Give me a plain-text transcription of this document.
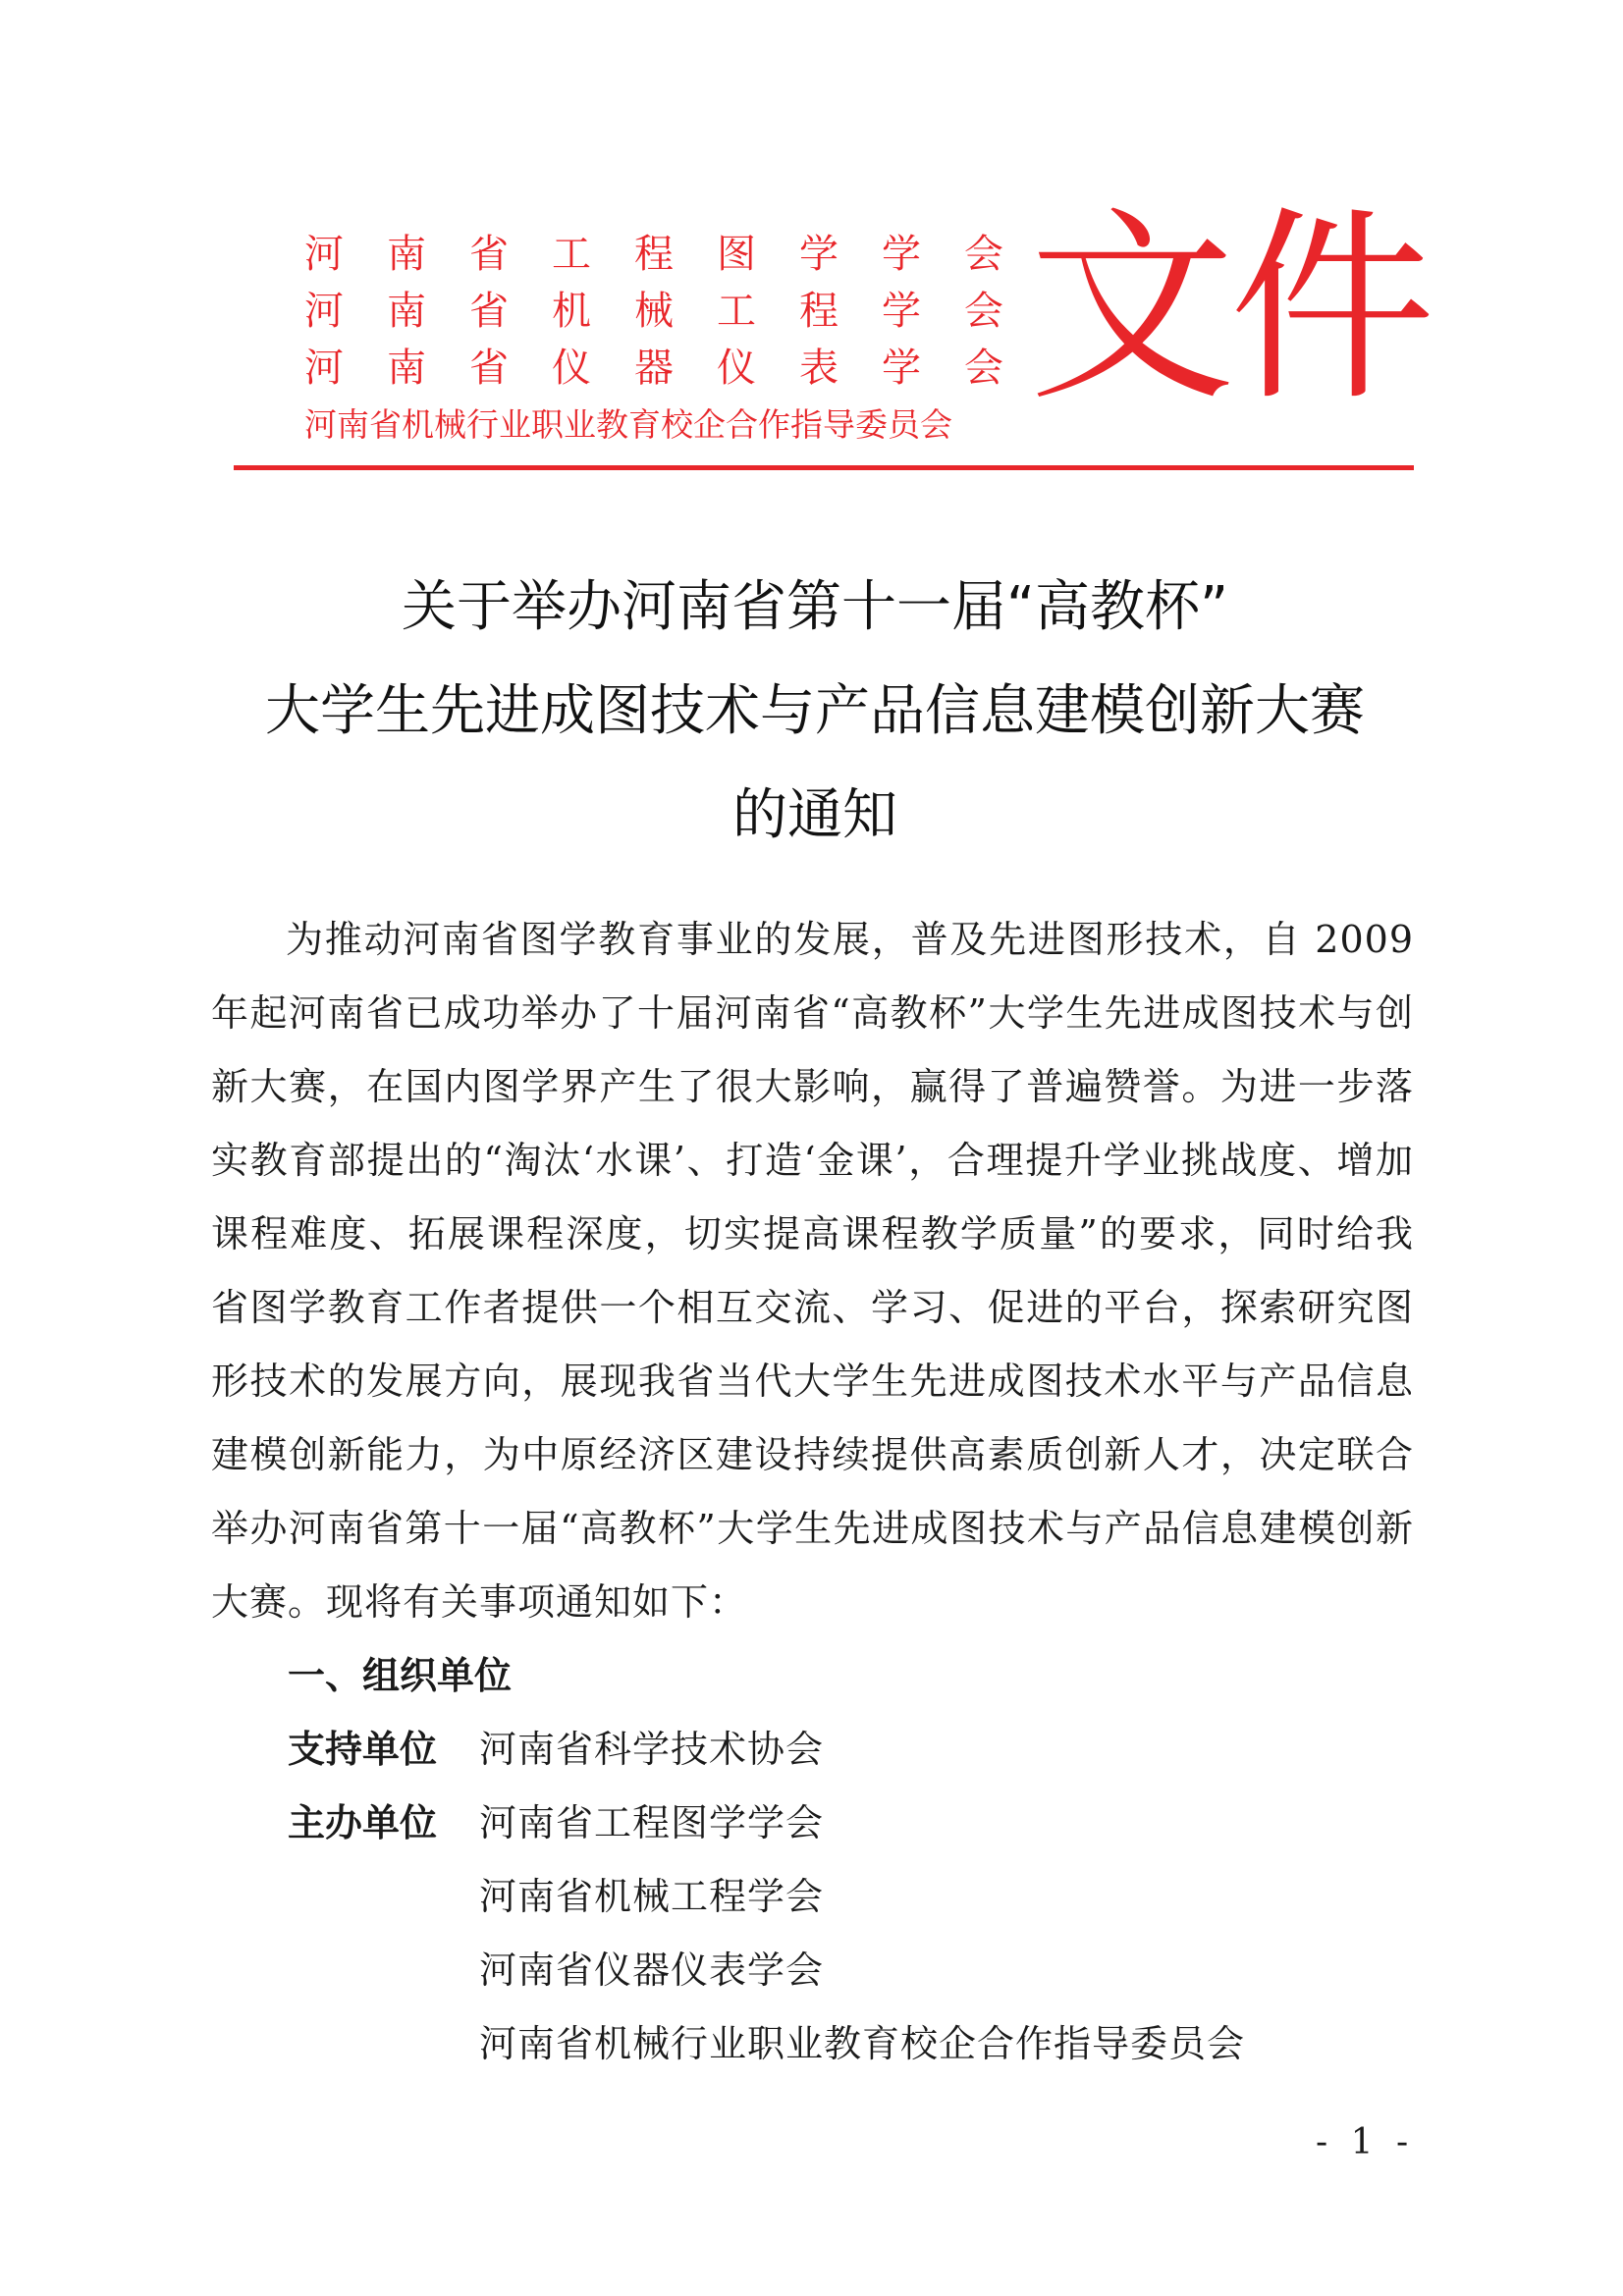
河 南 省 工 程 图 学 学 会
河 南 省 机 械 工 程 学 会
河 南 省 仪 器 仪 表 学 会
河南省机械行业职业教育校企合作指导委员会 文件
关于举办河南省第十一届“高教杯”
大学生先进成图技术与产品信息建模创新大赛
的通知
为推动河南省图学教育事业的发展，普及先进图形技术，自 2009 年起河南省已成功举办了十届河南省“高教杯”大学生先进成图技术与创新大赛，在国内图学界产生了很大影响，赢得了普遍赞誉。为进一步落实教育部提出的“淘汰‘水课’、打造‘金课’，合理提升学业挑战度、增加课程难度、拓展课程深度，切实提高课程教学质量”的要求，同时给我省图学教育工作者提供一个相互交流、学习、促进的平台，探索研究图形技术的发展方向，展现我省当代大学生先进成图技术水平与产品信息建模创新能力，为中原经济区建设持续提供高素质创新人才，决定联合举办河南省第十一届“高教杯”大学生先进成图技术与产品信息建模创新大赛。现将有关事项通知如下：
一、组织单位
支持单位 河南省科学技术协会
主办单位 河南省工程图学学会
河南省机械工程学会
河南省仪器仪表学会
河南省机械行业职业教育校企合作指导委员会
- 1 -
